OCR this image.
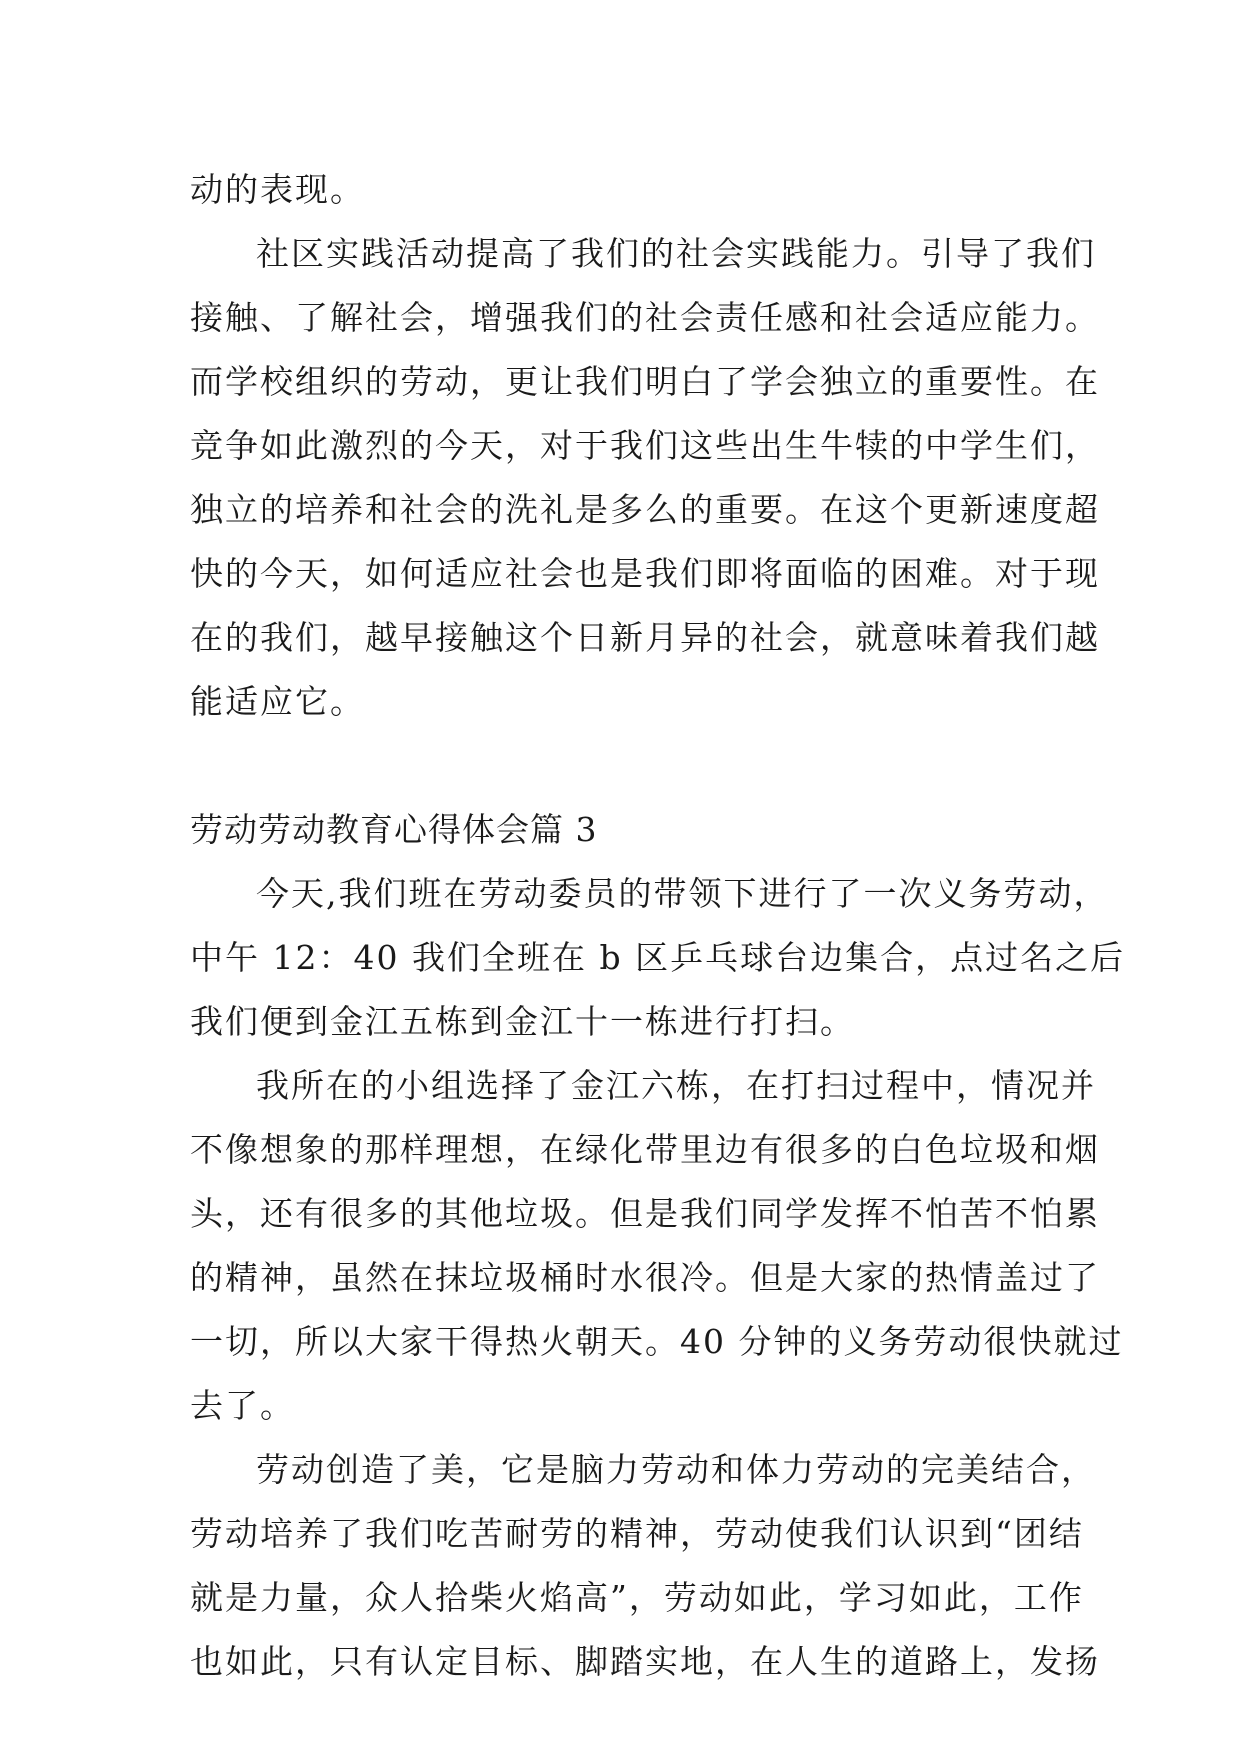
动的表现。
社区实践活动提高了我们的社会实践能力。引导了我们
接触、了解社会，增强我们的社会责任感和社会适应能力。
而学校组织的劳动，更让我们明白了学会独立的重要性。在
竞争如此激烈的今天，对于我们这些出生牛犊的中学生们，
独立的培养和社会的洗礼是多么的重要。在这个更新速度超
快的今天，如何适应社会也是我们即将面临的困难。对于现
在的我们，越早接触这个日新月异的社会，就意味着我们越
能适应它。
劳动劳动教育心得体会篇 3
今天,我们班在劳动委员的带领下进行了一次义务劳动，
中午 12：40 我们全班在 b 区乒乓球台边集合，点过名之后
我们便到金江五栋到金江十一栋进行打扫。
我所在的小组选择了金江六栋，在打扫过程中，情况并
不像想象的那样理想，在绿化带里边有很多的白色垃圾和烟
头，还有很多的其他垃圾。但是我们同学发挥不怕苦不怕累
的精神，虽然在抹垃圾桶时水很冷。但是大家的热情盖过了
一切，所以大家干得热火朝天。40 分钟的义务劳动很快就过
去了。
劳动创造了美，它是脑力劳动和体力劳动的完美结合，
劳动培养了我们吃苦耐劳的精神，劳动使我们认识到“团结
就是力量，众人拾柴火焰高”，劳动如此，学习如此，工作
也如此，只有认定目标、脚踏实地，在人生的道路上，发扬
